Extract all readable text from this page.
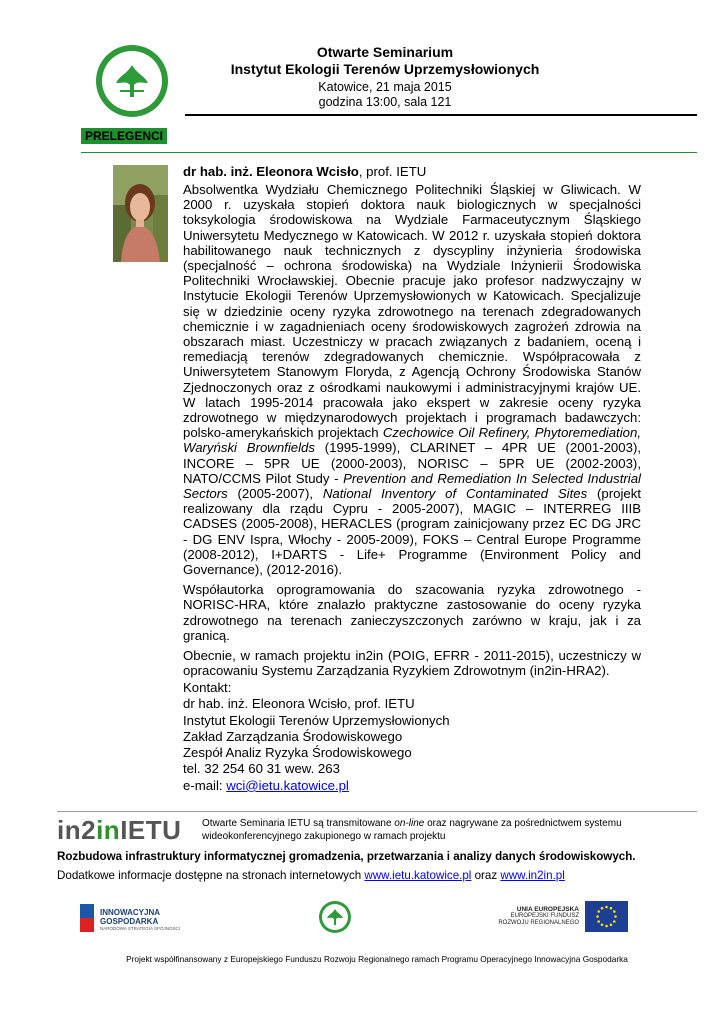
Otwarte Seminarium
Instytut Ekologii Terenów Uprzemysłowionych
Katowice, 21 maja 2015
godzina 13:00, sala 121
PRELEGENCI
dr hab. inż. Eleonora Wcisło, prof. IETU

Absolwentka Wydziału Chemicznego Politechniki Śląskiej w Gliwicach. W 2000 r. uzyskała stopień doktora nauk biologicznych w specjalności toksykologia środowiskowa na Wydziale Farmaceutycznym Śląskiego Uniwersytetu Medycznego w Katowicach. W 2012 r. uzyskała stopień doktora habilitowanego nauk technicznych z dyscypliny inżynieria środowiska (specjalność – ochrona środowiska) na Wydziale Inżynierii Środowiska Politechniki Wrocławskiej. Obecnie pracuje jako profesor nadzwyczajny w Instytucie Ekologii Terenów Uprzemysłowionych w Katowicach. Specjalizuje się w dziedzinie oceny ryzyka zdrowotnego na terenach zdegradowanych chemicznie i w zagadnieniach oceny środowiskowych zagrożeń zdrowia na obszarach miast. Uczestniczy w pracach związanych z badaniem, oceną i remediacją terenów zdegradowanych chemicznie. Współpracowała z Uniwersytetem Stanowym Floryda, z Agencją Ochrony Środowiska Stanów Zjednoczonych oraz z ośrodkami naukowymi i administracyjnymi krajów UE. W latach 1995-2014 pracowała jako ekspert w zakresie oceny ryzyka zdrowotnego w międzynarodowych projektach i programach badawczych: polsko-amerykańskich projektach Czechowice Oil Refinery, Phytoremediation, Waryński Brownfields (1995-1999), CLARINET – 4PR UE (2001-2003), INCORE – 5PR UE (2000-2003), NORISC – 5PR UE (2002-2003), NATO/CCMS Pilot Study - Prevention and Remediation In Selected Industrial Sectors (2005-2007), National Inventory of Contaminated Sites (projekt realizowany dla rządu Cypru - 2005-2007), MAGIC – INTERREG IIIB CADSES (2005-2008), HERACLES (program zainicjowany przez EC DG JRC - DG ENV Ispra, Włochy - 2005-2009), FOKS – Central Europe Programme (2008-2012), I+DARTS - Life+ Programme (Environment Policy and Governance), (2012-2016).

Współautorka oprogramowania do szacowania ryzyka zdrowotnego - NORISC-HRA, które znalazło praktyczne zastosowanie do oceny ryzyka zdrowotnego na terenach zanieczyszczonych zarówno w kraju, jak i za granicą.

Obecnie, w ramach projektu in2in (POIG, EFRR - 2011-2015), uczestniczy w opracowaniu Systemu Zarządzania Ryzykiem Zdrowotnym (in2in-HRA2).

Kontakt:
dr hab. inż. Eleonora Wcisło, prof. IETU
Instytut Ekologii Terenów Uprzemysłowionych
Zakład Zarządzania Środowiskowego
Zespół Analiz Ryzyka Środowiskowego
tel. 32 254 60 31 wew. 263
e-mail: wci@ietu.katowice.pl
in2inIETU Otwarte Seminaria IETU są transmitowane on-line oraz nagrywane za pośrednictwem systemu wideokonferencyjnego zakupionego w ramach projektu
Rozbudowa infrastruktury informatycznej gromadzenia, przetwarzania i analizy danych środowiskowych.
Dodatkowe informacje dostępne na stronach internetowych www.ietu.katowice.pl oraz www.in2in.pl
INNOWACYJNA
GOSPODARKA
NARODOWA STRATEGIA SPÓJNOŚCI
UNIA EUROPEJSKA
EUROPEJSKI FUNDUSZ
ROZWOJU REGIONALNEGO
Projekt współfinansowany z Europejskiego Funduszu Rozwoju Regionalnego ramach Programu Operacyjnego Innowacyjna Gospodarka
